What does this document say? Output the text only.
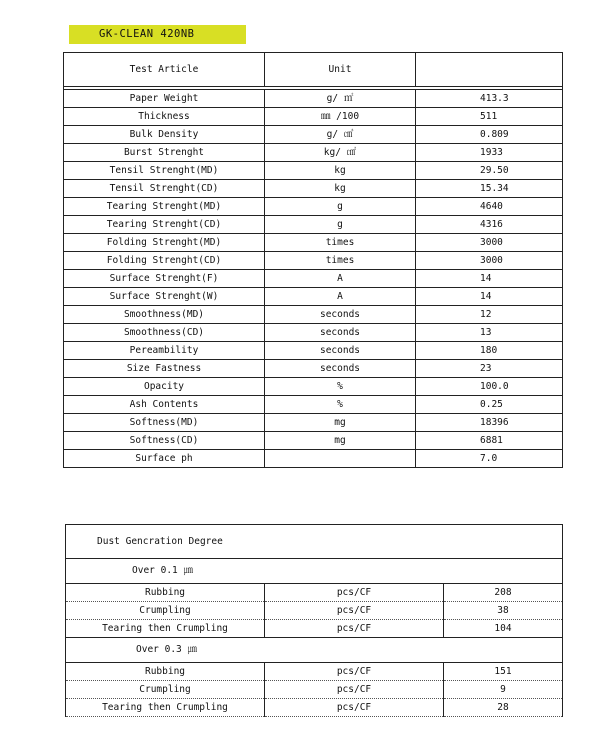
GK-CLEAN 420NB
Test Article	Unit	

Paper Weight	g/ ㎡	413.3
Thickness	㎜ /100	511
Bulk Density	g/ ㎤	0.809
Burst Strenght	kg/ ㎠	1933
Tensil Strenght(MD)	kg	29.50
Tensil Strenght(CD)	kg	15.34
Tearing Strenght(MD)	g	4640
Tearing Strenght(CD)	g	4316
Folding Strenght(MD)	times	3000
Folding Strenght(CD)	times	3000
Surface Strenght(F)	A	14
Surface Strenght(W)	A	14
Smoothness(MD)	seconds	12
Smoothness(CD)	seconds	13
Pereambility	seconds	180
Size Fastness	seconds	23
Opacity	%	100.0
Ash Contents	%	0.25
Softness(MD)	mg	18396
Softness(CD)	mg	6881
Surface ph		7.0
Dust Gencration Degree		
Over 0.1 ㎛		
Rubbing	pcs/CF	208
Crumpling	pcs/CF	38
Tearing then Crumpling	pcs/CF	104
Over 0.3 ㎛		
Rubbing	pcs/CF	151
Crumpling	pcs/CF	9
Tearing then Crumpling	pcs/CF	28
